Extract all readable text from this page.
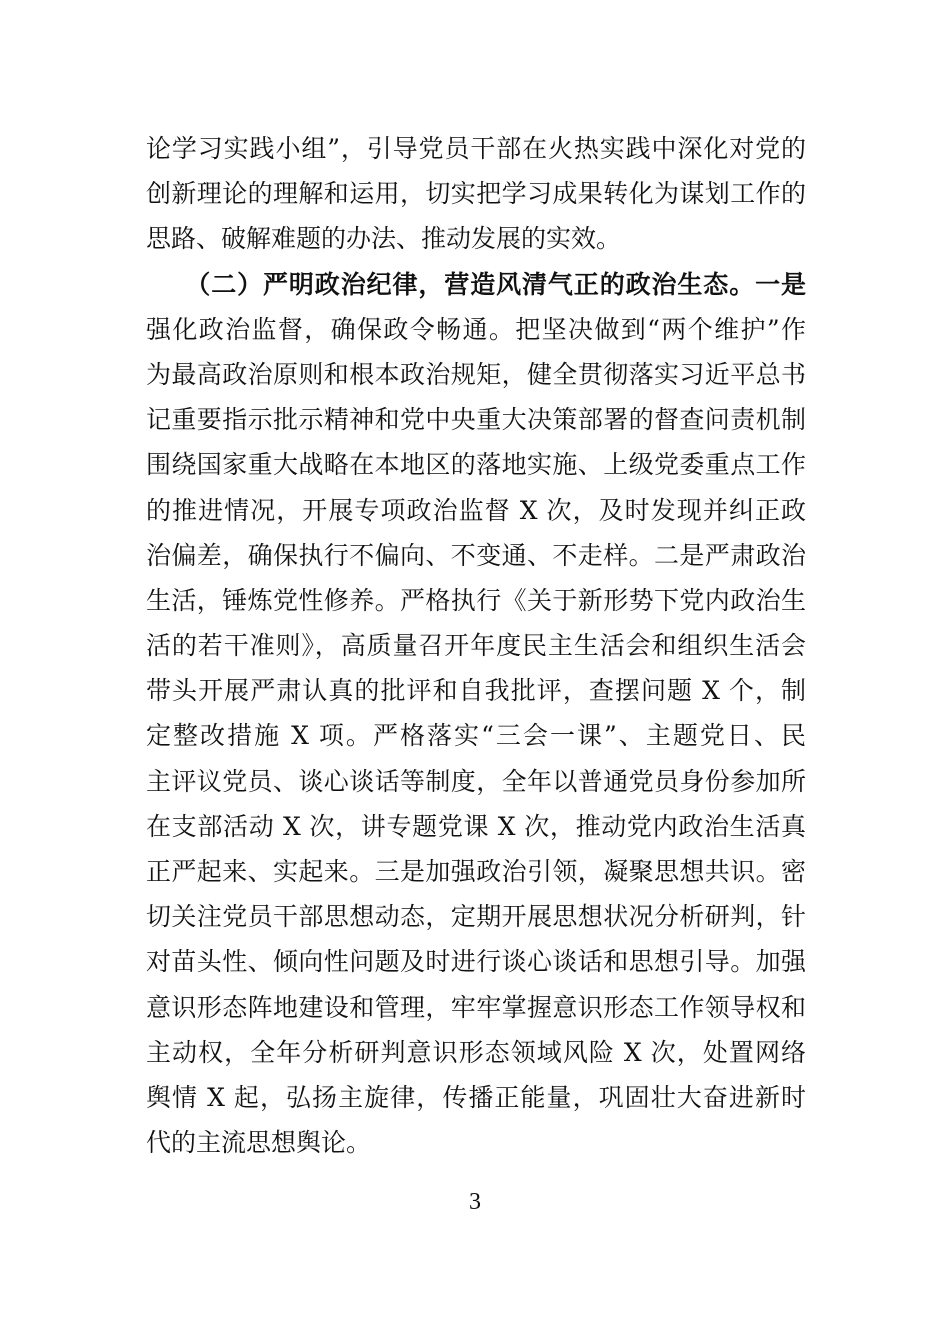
论学习实践小组”，引导党员干部在火热实践中深化对党的
创新理论的理解和运用，切实把学习成果转化为谋划工作的
思路、破解难题的办法、推动发展的实效。
　　（二）严明政治纪律，营造风清气正的政治生态。一是
强化政治监督，确保政令畅通。把坚决做到“两个维护”作
为最高政治原则和根本政治规矩，健全贯彻落实习近平总书
记重要指示批示精神和党中央重大决策部署的督查问责机制
围绕国家重大战略在本地区的落地实施、上级党委重点工作
的推进情况，开展专项政治监督 X 次，及时发现并纠正政
治偏差，确保执行不偏向、不变通、不走样。二是严肃政治
生活，锤炼党性修养。严格执行《关于新形势下党内政治生
活的若干准则》，高质量召开年度民主生活会和组织生活会
带头开展严肃认真的批评和自我批评，查摆问题 X 个，制
定整改措施 X 项。严格落实“三会一课”、主题党日、民
主评议党员、谈心谈话等制度，全年以普通党员身份参加所
在支部活动 X 次，讲专题党课 X 次，推动党内政治生活真
正严起来、实起来。三是加强政治引领，凝聚思想共识。密
切关注党员干部思想动态，定期开展思想状况分析研判，针
对苗头性、倾向性问题及时进行谈心谈话和思想引导。加强
意识形态阵地建设和管理，牢牢掌握意识形态工作领导权和
主动权，全年分析研判意识形态领域风险 X 次，处置网络
舆情 X 起，弘扬主旋律，传播正能量，巩固壮大奋进新时
代的主流思想舆论。
3
